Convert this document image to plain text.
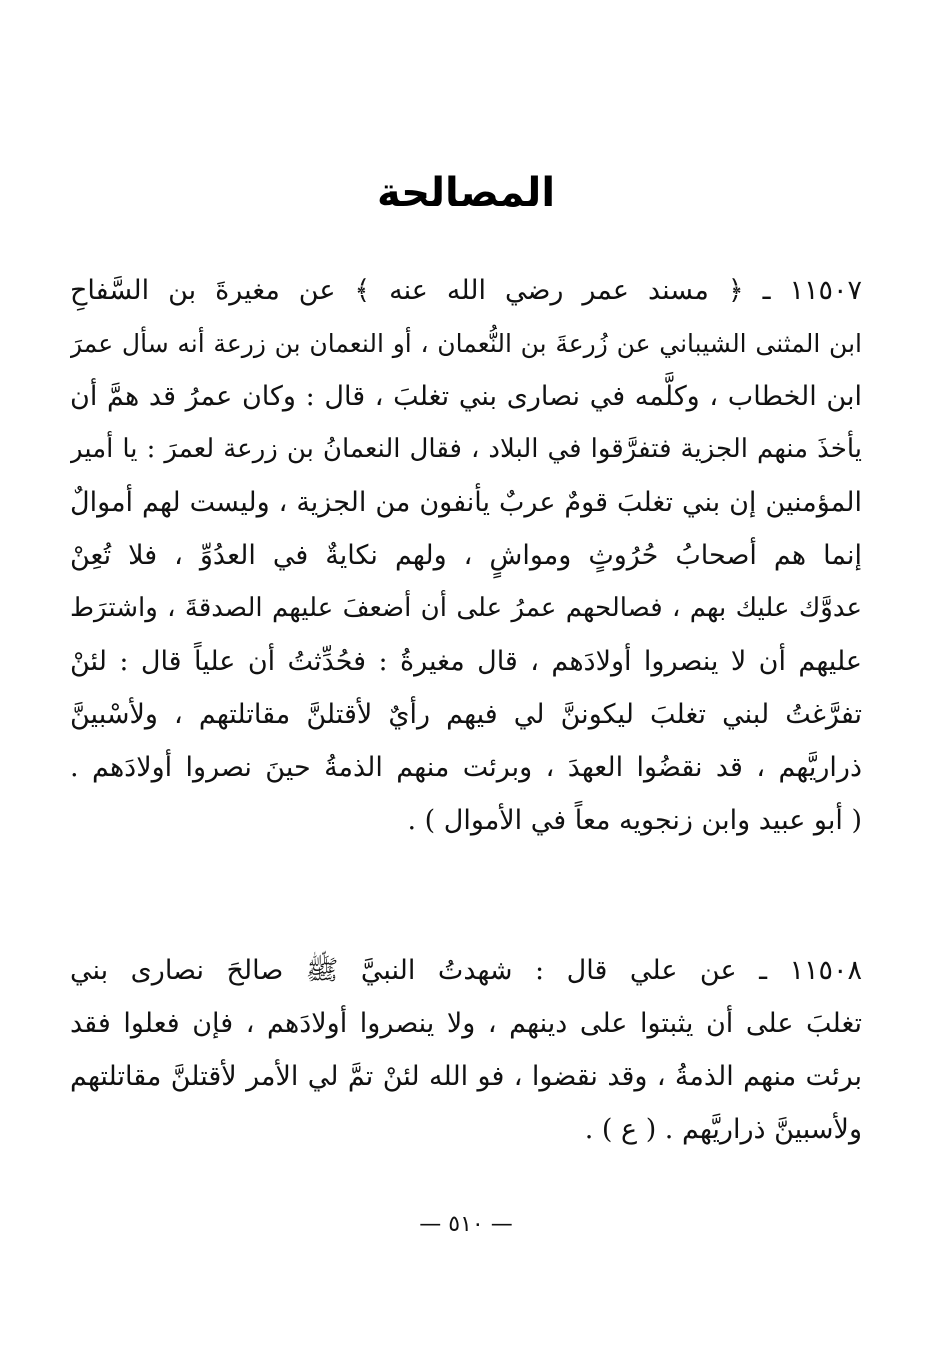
المصالحة
١١٥٠٧ ـ ﴿ مسند عمر رضي الله عنه ﴾ عن مغيرةَ بن السَّفاحِ
ابن المثنى الشيباني عن زُرعةَ بن النُّعمان ، أو النعمان بن زرعة أنه سأل عمرَ
ابن الخطاب ، وكلَّمه في نصارى بني تغلبَ ، قال : وكان عمرُ قد همَّ أن
يأخذَ منهم الجزية فتفرَّقوا في البلاد ، فقال النعمانُ بن زرعة لعمرَ : يا أمير
المؤمنين إن بني تغلبَ قومٌ عربٌ يأنفون من الجزية ، وليست لهم أموالٌ
إنما هم أصحابُ حُرُوثٍ ومواشٍ ، ولهم نكايةٌ في العدُوِّ ، فلا تُعِنْ
عدوَّك عليك بهم ، فصالحهم عمرُ على أن أضعفَ عليهم الصدقةَ ، واشترَط
عليهم أن لا ينصروا أولادَهم ، قال مغيرةُ : فحُدِّثتُ أن علياً قال : لئنْ
تفرَّغتُ لبني تغلبَ ليكوننَّ لي فيهم رأيٌ لأقتلنَّ مقاتلتهم ، ولأسْبينَّ
ذراريَّهم ، قد نقضُوا العهدَ ، وبرئت منهم الذمةُ حينَ نصروا أولادَهم .
( أبو عبيد وابن زنجويه معاً في الأموال ) .
١١٥٠٨ ـ عن علي قال : شهدتُ النبيَّ ﷺ صالحَ نصارى بني
تغلبَ على أن يثبتوا على دينهم ، ولا ينصروا أولادَهم ، فإن فعلوا فقد
برئت منهم الذمةُ ، وقد نقضوا ، فو الله لئنْ تمَّ لي الأمر لأقتلنَّ مقاتلتهم
ولأسبينَّ ذراريَّهم . ( ع ) .
— ٥١٠ —
